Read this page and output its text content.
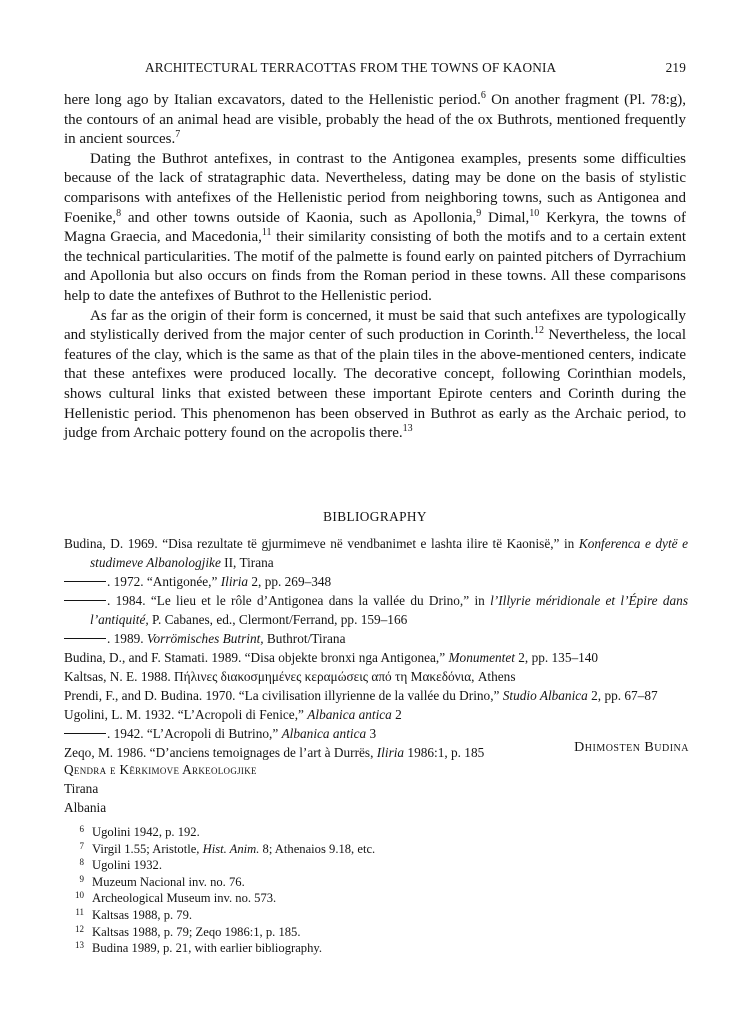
ARCHITECTURAL TERRACOTTAS FROM THE TOWNS OF KAONIA	219

here long ago by Italian excavators, dated to the Hellenistic period.$^6$ On another fragment (Pl. 78:g), the contours of an animal head are visible, probably the head of the ox Buthrots, mentioned frequently in ancient sources.$^7$

Dating the Buthrot antefixes, in contrast to the Antigonea examples, presents some difficulties because of the lack of stratagraphic data. Nevertheless, dating may be done on the basis of stylistic comparisons with antefixes of the Hellenistic period from neighboring towns, such as Antigonea and Foenike,$^8$ and other towns outside of Kaonia, such as Apollonia,$^9$ Dimal,$^{10}$ Kerkyra, the towns of Magna Graecia, and Macedonia,$^{11}$ their similarity consisting of both the motifs and to a certain extent the technical particularities. The motif of the palmette is found early on painted pitchers of Dyrrachium and Apollonia but also occurs on finds from the Roman period in these towns. All these comparisons help to date the antefixes of Buthrot to the Hellenistic period.

As far as the origin of their form is concerned, it must be said that such antefixes are typologically and stylistically derived from the major center of such production in Corinth.$^{12}$ Nevertheless, the local features of the clay, which is the same as that of the plain tiles in the above-mentioned centers, indicate that these antefixes were produced locally. The decorative concept, following Corinthian models, shows cultural links that existed between these important Epirote centers and Corinth during the Hellenistic period. This phenomenon has been observed in Buthrot as early as the Archaic period, to judge from Archaic pottery found on the acropolis there.$^{13}$

BIBLIOGRAPHY
Budina, D. 1969. “Disa rezultate të gjurmimeve në vendbanimet e lashta ilire të Kaonisë,” in Konferenca e dytë e studimeve Albanologjike II, Tirana
. 1972. “Antigonée,” Iliria 2, pp. 269–348
. 1984. “Le lieu et le rôle d’Antigonea dans la vallée du Drino,” in l’Illyrie méridionale et l’Épire dans l’antiquité, P. Cabanes, ed., Clermont/Ferrand, pp. 159–166
. 1989. Vorrömisches Butrint, Buthrot/Tirana
Budina, D., and F. Stamati. 1989. “Disa objekte bronxi nga Antigonea,” Monumentet 2, pp. 135–140
Kaltsas, N. E. 1988. Πήλινες διακοσμημένες κεραμώσεις από τη Μακεδόνια, Athens
Prendi, F., and D. Budina. 1970. “La civilisation illyrienne de la vallée du Drino,” Studio Albanica 2, pp. 67–87
Ugolini, L. M. 1932. “L’Acropoli di Fenice,” Albanica antica 2
. 1942. “L’Acropoli di Butrino,” Albanica antica 3
Zeqo, M. 1986. “D’anciens temoignages de l’art à Durrës, Iliria 1986:1, p. 185	Dhimosten Budina
Qendra e Kërkimove Arkeologjike
Tirana
Albania
6 Ugolini 1942, p. 192.
7 Virgil 1.55; Aristotle, Hist. Anim. 8; Athenaios 9.18, etc.
8 Ugolini 1932.
9 Muzeum Nacional inv. no. 76.
10 Archeological Museum inv. no. 573.
11 Kaltsas 1988, p. 79.
12 Kaltsas 1988, p. 79; Zeqo 1986:1, p. 185.
13 Budina 1989, p. 21, with earlier bibliography.
